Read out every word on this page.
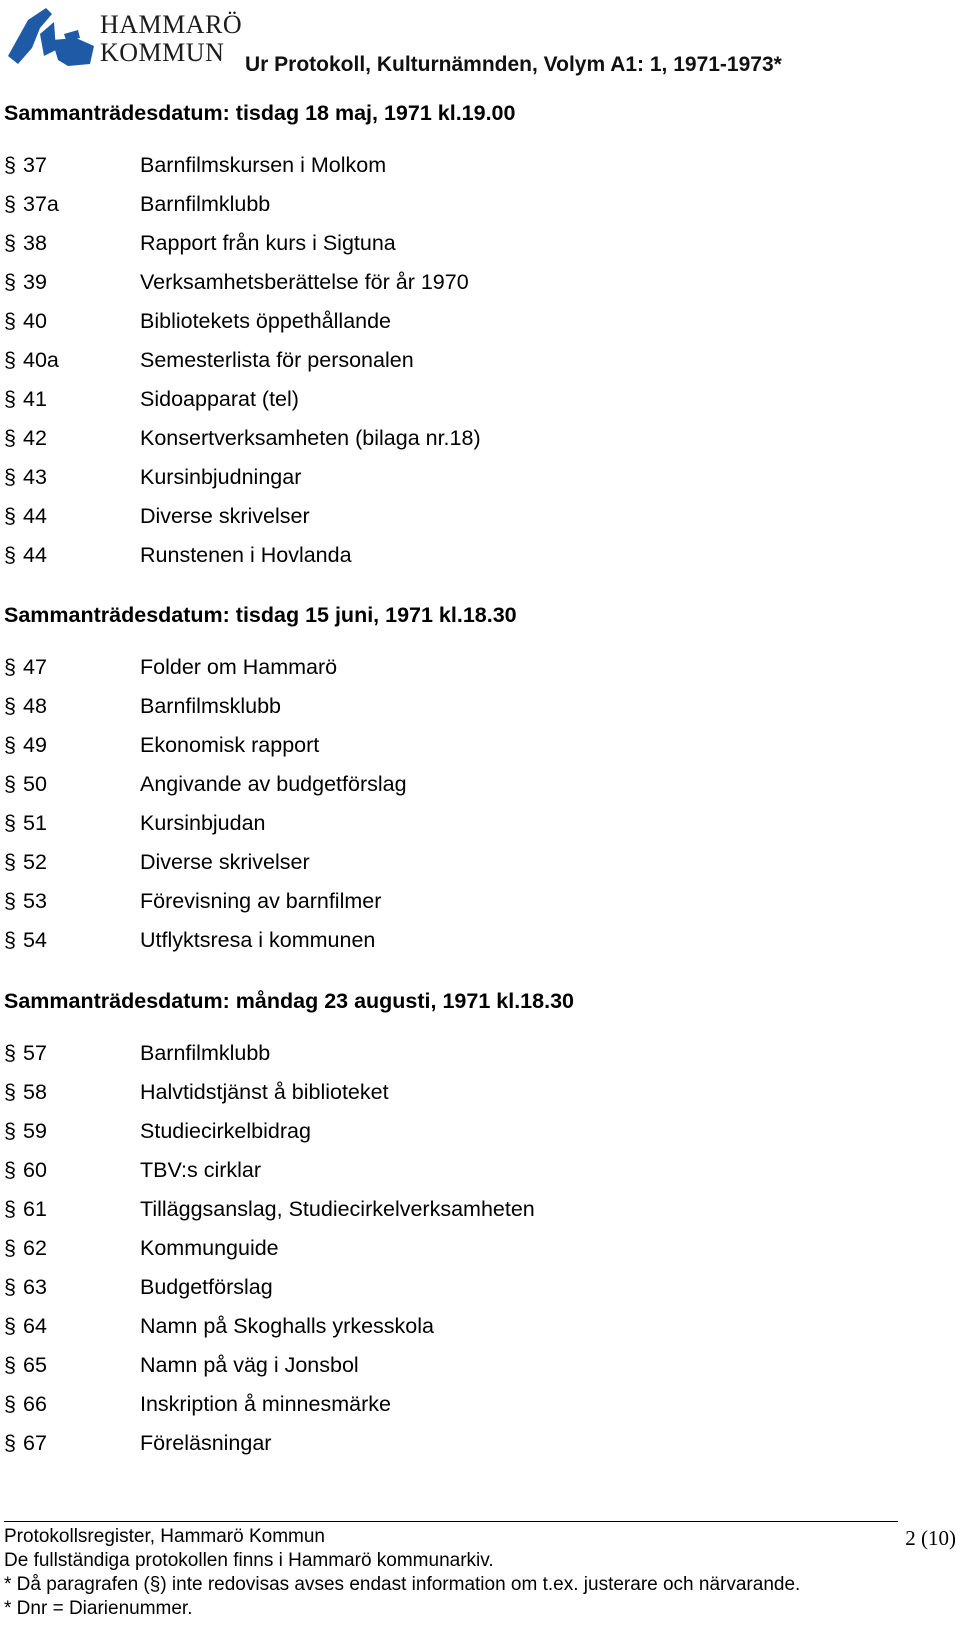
HAMMARÖ
KOMMUN Ur Protokoll, Kulturnämnden, Volym A1: 1, 1971-1973*
Sammanträdesdatum: tisdag 18 maj, 1971 kl.19.00
§ 37	Barnfilmskursen i Molkom
§ 37a	Barnfilmklubb
§ 38	Rapport från kurs i Sigtuna
§ 39	Verksamhetsberättelse för år 1970
§ 40	Bibliotekets öppethållande
§ 40a	Semesterlista för personalen
§ 41	Sidoapparat (tel)
§ 42	Konsertverksamheten (bilaga nr.18)
§ 43	Kursinbjudningar
§ 44	Diverse skrivelser
§ 44	Runstenen i Hovlanda
Sammanträdesdatum: tisdag 15 juni, 1971 kl.18.30
§ 47	Folder om Hammarö
§ 48	Barnfilmsklubb
§ 49	Ekonomisk rapport
§ 50	Angivande av budgetförslag
§ 51	Kursinbjudan
§ 52	Diverse skrivelser
§ 53	Förevisning av barnfilmer
§ 54	Utflyktsresa i kommunen
Sammanträdesdatum: måndag 23 augusti, 1971 kl.18.30
§ 57	Barnfilmklubb
§ 58	Halvtidstjänst å biblioteket
§ 59	Studiecirkelbidrag
§ 60	TBV:s cirklar
§ 61	Tilläggsanslag, Studiecirkelverksamheten
§ 62	Kommunguide
§ 63	Budgetförslag
§ 64	Namn på Skoghalls yrkesskola
§ 65	Namn på väg i Jonsbol
§ 66	Inskription å minnesmärke
§ 67	Föreläsningar
Protokollsregister, Hammarö Kommun	2 (10)
De fullständiga protokollen finns i Hammarö kommunarkiv.
* Då paragrafen (§) inte redovisas avses endast information om t.ex. justerare och närvarande.
* Dnr = Diarienummer.
